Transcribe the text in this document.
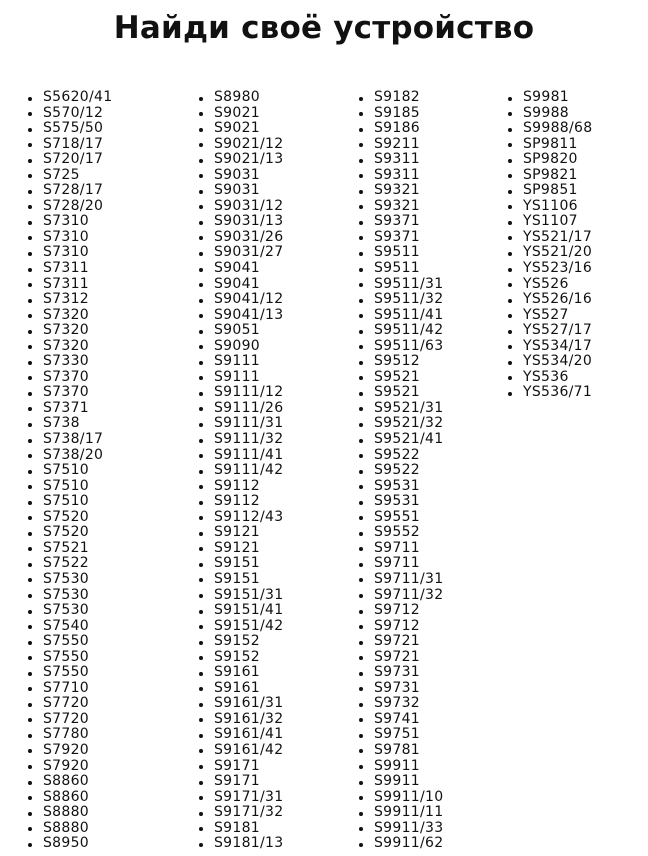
Найди своё устройство
S5620/41
S570/12
S575/50
S718/17
S720/17
S725
S728/17
S728/20
S7310
S7310
S7310
S7311
S7311
S7312
S7320
S7320
S7320
S7330
S7370
S7370
S7371
S738
S738/17
S738/20
S7510
S7510
S7510
S7520
S7520
S7521
S7522
S7530
S7530
S7530
S7540
S7550
S7550
S7550
S7710
S7720
S7720
S7780
S7920
S7920
S8860
S8860
S8880
S8880
S8950
S8980
S9021
S9021
S9021/12
S9021/13
S9031
S9031
S9031/12
S9031/13
S9031/26
S9031/27
S9041
S9041
S9041/12
S9041/13
S9051
S9090
S9111
S9111
S9111/12
S9111/26
S9111/31
S9111/32
S9111/41
S9111/42
S9112
S9112
S9112/43
S9121
S9121
S9151
S9151
S9151/31
S9151/41
S9151/42
S9152
S9152
S9161
S9161
S9161/31
S9161/32
S9161/41
S9161/42
S9171
S9171
S9171/31
S9171/32
S9181
S9181/13
S9182
S9185
S9186
S9211
S9311
S9311
S9321
S9321
S9371
S9371
S9511
S9511
S9511/31
S9511/32
S9511/41
S9511/42
S9511/63
S9512
S9521
S9521
S9521/31
S9521/32
S9521/41
S9522
S9522
S9531
S9531
S9551
S9552
S9711
S9711
S9711/31
S9711/32
S9712
S9712
S9721
S9721
S9731
S9731
S9732
S9741
S9751
S9781
S9911
S9911
S9911/10
S9911/11
S9911/33
S9911/62
S9981
S9988
S9988/68
SP9811
SP9820
SP9821
SP9851
YS1106
YS1107
YS521/17
YS521/20
YS523/16
YS526
YS526/16
YS527
YS527/17
YS534/17
YS534/20
YS536
YS536/71
